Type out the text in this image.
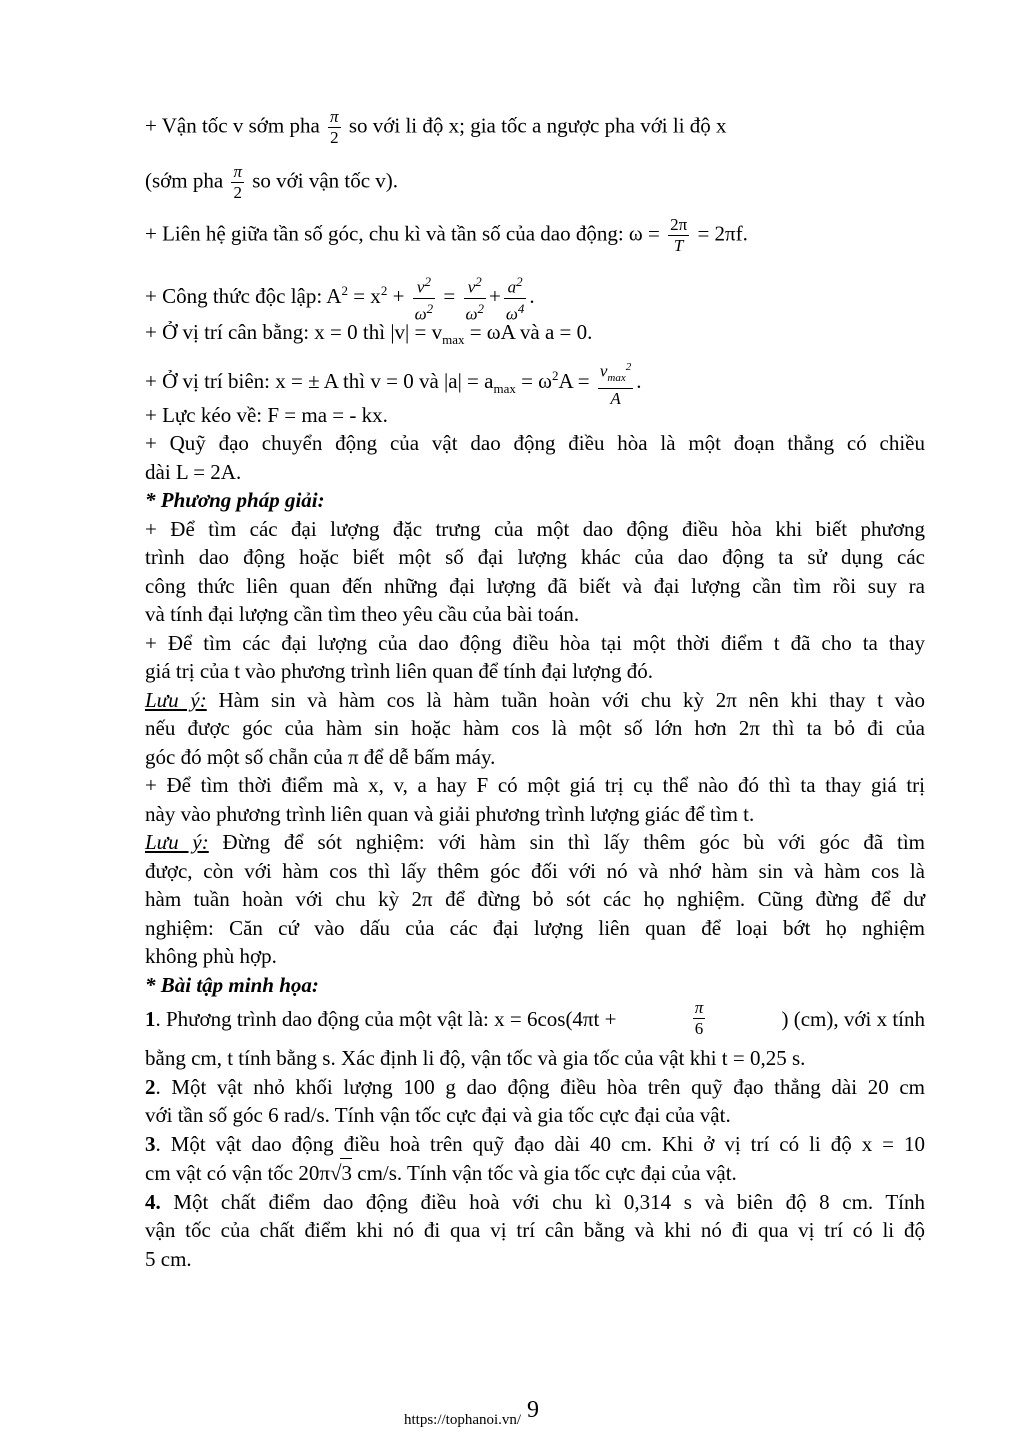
+ Vận tốc v sớm pha $\frac{\pi}{2}$ so với li độ x; gia tốc a ngược pha với li độ x
(sớm pha $\frac{\pi}{2}$ so với vận tốc v).
+ Liên hệ giữa tần số góc, chu kì và tần số của dao động: $\omega = \frac{2\pi}{T} = 2\pi f$.
+ Công thức độc lập: $A^2 = x^2 + \frac{v^2}{\omega^2} = \frac{v^2}{\omega^2} + \frac{a^2}{\omega^4}$ .
+ Ở vị trí cân bằng: x = 0 thì $|v| = v_{max} = \omega A$ và a = 0.
+ Ở vị trí biên: x = ± A thì v = 0 và $|a| = a_{max} = \omega^2A = \frac{v_{max}^2}{A}$ .
+ Lực kéo về: F = ma = - kx.
+ Quỹ đạo chuyển động của vật dao động điều hòa là một đoạn thẳng có chiều
dài L = 2A.
* Phương pháp giải:
+ Để tìm các đại lượng đặc trưng của một dao động điều hòa khi biết phương
trình dao động hoặc biết một số đại lượng khác của dao động ta sử dụng các
công thức liên quan đến những đại lượng đã biết và đại lượng cần tìm rồi suy ra
và tính đại lượng cần tìm theo yêu cầu của bài toán.
+ Để tìm các đại lượng của dao động điều hòa tại một thời điểm t đã cho ta thay
giá trị của t vào phương trình liên quan để tính đại lượng đó.
Lưu ý: Hàm sin và hàm cos là hàm tuần hoàn với chu kỳ 2π nên khi thay t vào
nếu được góc của hàm sin hoặc hàm cos là một số lớn hơn 2π thì ta bỏ đi của
góc đó một số chẵn của π để dễ bấm máy.
+ Để tìm thời điểm mà x, v, a hay F có một giá trị cụ thể nào đó thì ta thay giá trị
này vào phương trình liên quan và giải phương trình lượng giác để tìm t.
Lưu ý: Đừng để sót nghiệm: với hàm sin thì lấy thêm góc bù với góc đã tìm
được, còn với hàm cos thì lấy thêm góc đối với nó và nhớ hàm sin và hàm cos là
hàm tuần hoàn với chu kỳ 2π để đừng bỏ sót các họ nghiệm. Cũng đừng để dư
nghiệm: Căn cứ vào dấu của các đại lượng liên quan để loại bớt họ nghiệm
không phù hợp.
* Bài tập minh họa:
1. Phương trình dao động của một vật là: x = 6cos(4πt +	$\frac{\pi}{6}$	) (cm), với x tính
bằng cm, t tính bằng s. Xác định li độ, vận tốc và gia tốc của vật khi t = 0,25 s.
2. Một vật nhỏ khối lượng 100 g dao động điều hòa trên quỹ đạo thẳng dài 20 cm
với tần số góc 6 rad/s. Tính vận tốc cực đại và gia tốc cực đại của vật.
3. Một vật dao động điều hoà trên quỹ đạo dài 40 cm. Khi ở vị trí có li độ x = 10
cm vật có vận tốc 20π√3 cm/s. Tính vận tốc và gia tốc cực đại của vật.
4. Một chất điểm dao động điều hoà với chu kì 0,314 s và biên độ 8 cm. Tính
vận tốc của chất điểm khi nó đi qua vị trí cân bằng và khi nó đi qua vị trí có li độ
5 cm.
9
https://tophanoi.vn/
